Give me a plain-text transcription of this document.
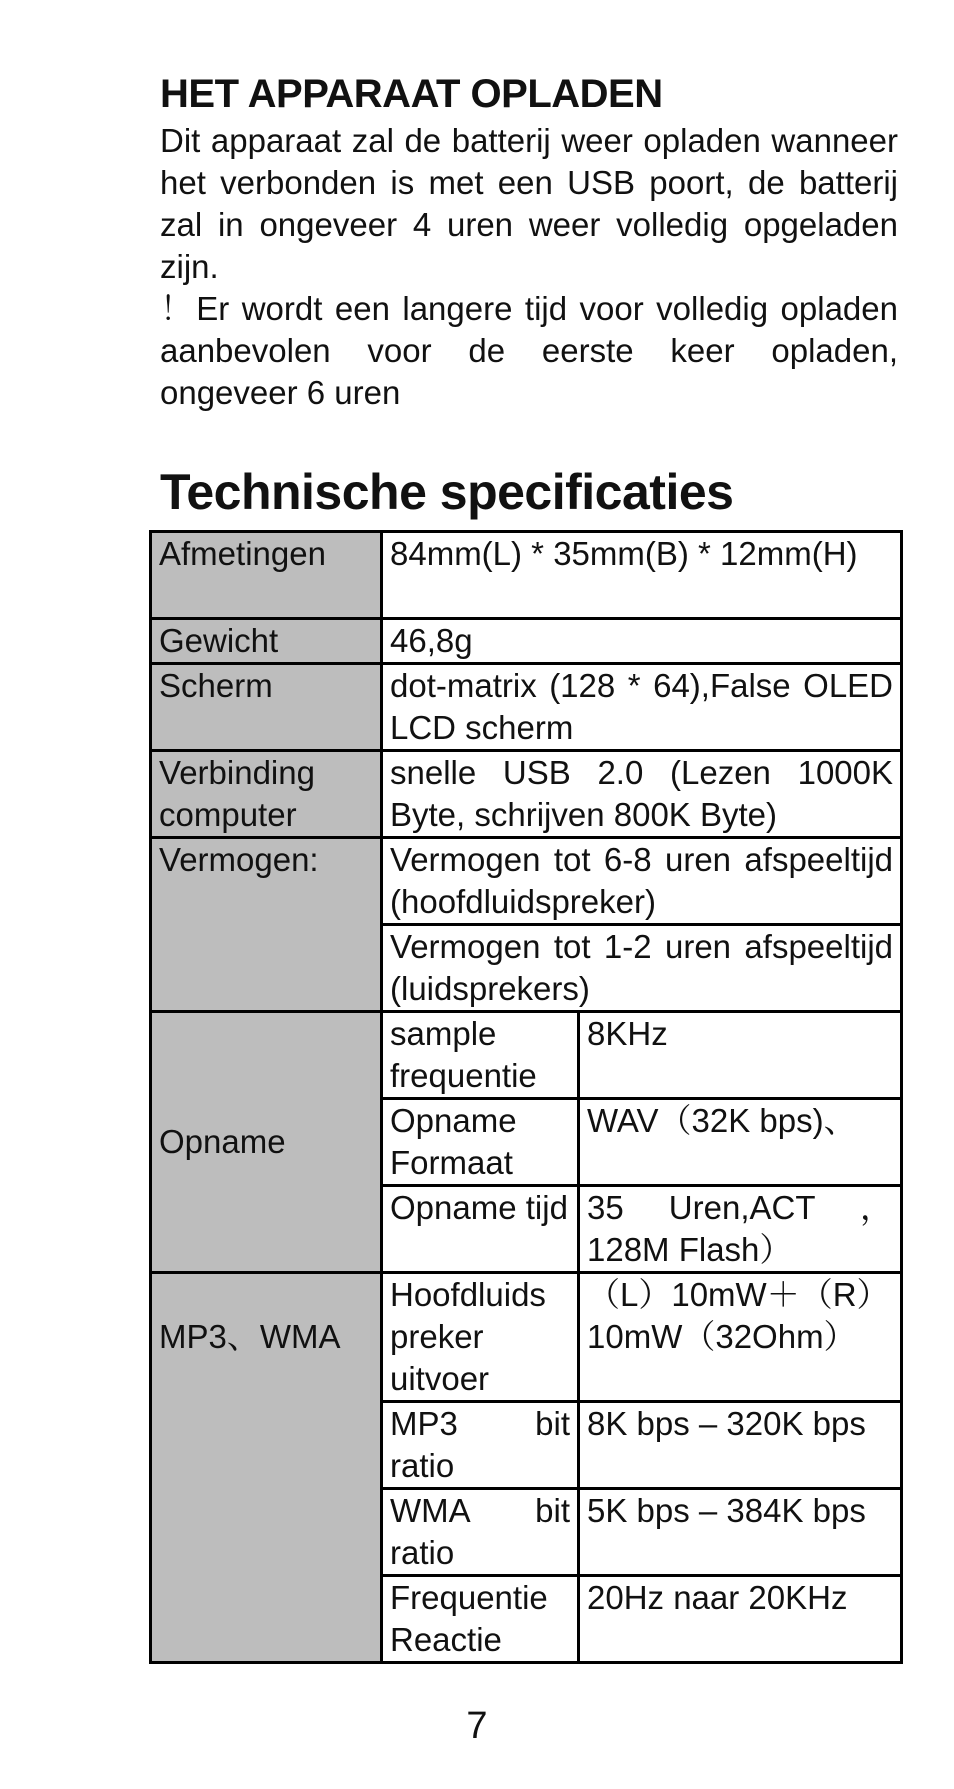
HET APPARAAT OPLADEN

Dit apparaat zal de batterij weer opladen wanneer het verbonden is met een USB poort, de batterij zal in ongeveer 4 uren weer volledig opgeladen zijn.

！Er wordt een langere tijd voor volledig opladen aanbevolen voor de eerste keer opladen, ongeveer 6 uren

Technische specificaties
Afmetingen	84mm(L) * 35mm(B) * 12mm(H)	
Gewicht	46,8g	
Scherm	dot-matrix (128 * 64),False OLED LCD scherm	
Verbinding computer	snelle USB 2.0 (Lezen 1000K Byte, schrijven 800K Byte)	
Vermogen:	Vermogen tot 6-8 uren afspeeltijd (hoofdluidspreker)	
	Vermogen tot 1-2 uren afspeeltijd (luidsprekers)	
Opname	sample frequentie	8KHz
	Opname Formaat	WAV（32K bps)、
	Opname tijd	35 Uren,ACT ，128M Flash）

MP3、WMA	Hoofdluids preker uitvoer	（L）10mW＋（R）10mW（32Ohm）
	MP3 bit ratio	8K bps – 320K bps
	WMA bit ratio	5K bps – 384K bps
	Frequentie Reactie	20Hz naar 20KHz
7
